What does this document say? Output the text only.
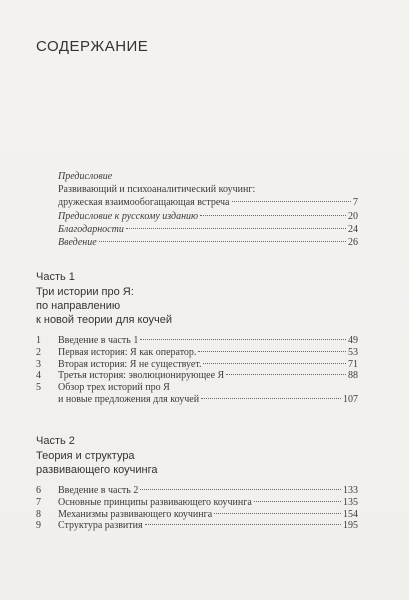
СОДЕРЖАНИЕ
Предисловие
Развивающий и психоаналитический коучинг:
дружеская взаимообогащающая встреча	7
Предисловие к русскому изданию	20
Благодарности	24
Введение	26
Часть 1
Три истории про Я:
по направлению
к новой теории для коучей
1	Введение в часть 1	49
2	Первая история: Я как оператор.	53
3	Вторая история: Я не существует.	71
4	Третья история: эволюционирующее Я	88
5	Обзор трех историй про Я
и новые предложения для коучей	107
Часть 2
Теория и структура
развивающего коучинга
6	Введение в часть 2	133
7	Основные принципы развивающего коучинга	135
8	Механизмы развивающего коучинга	154
9	Структура развития	195
